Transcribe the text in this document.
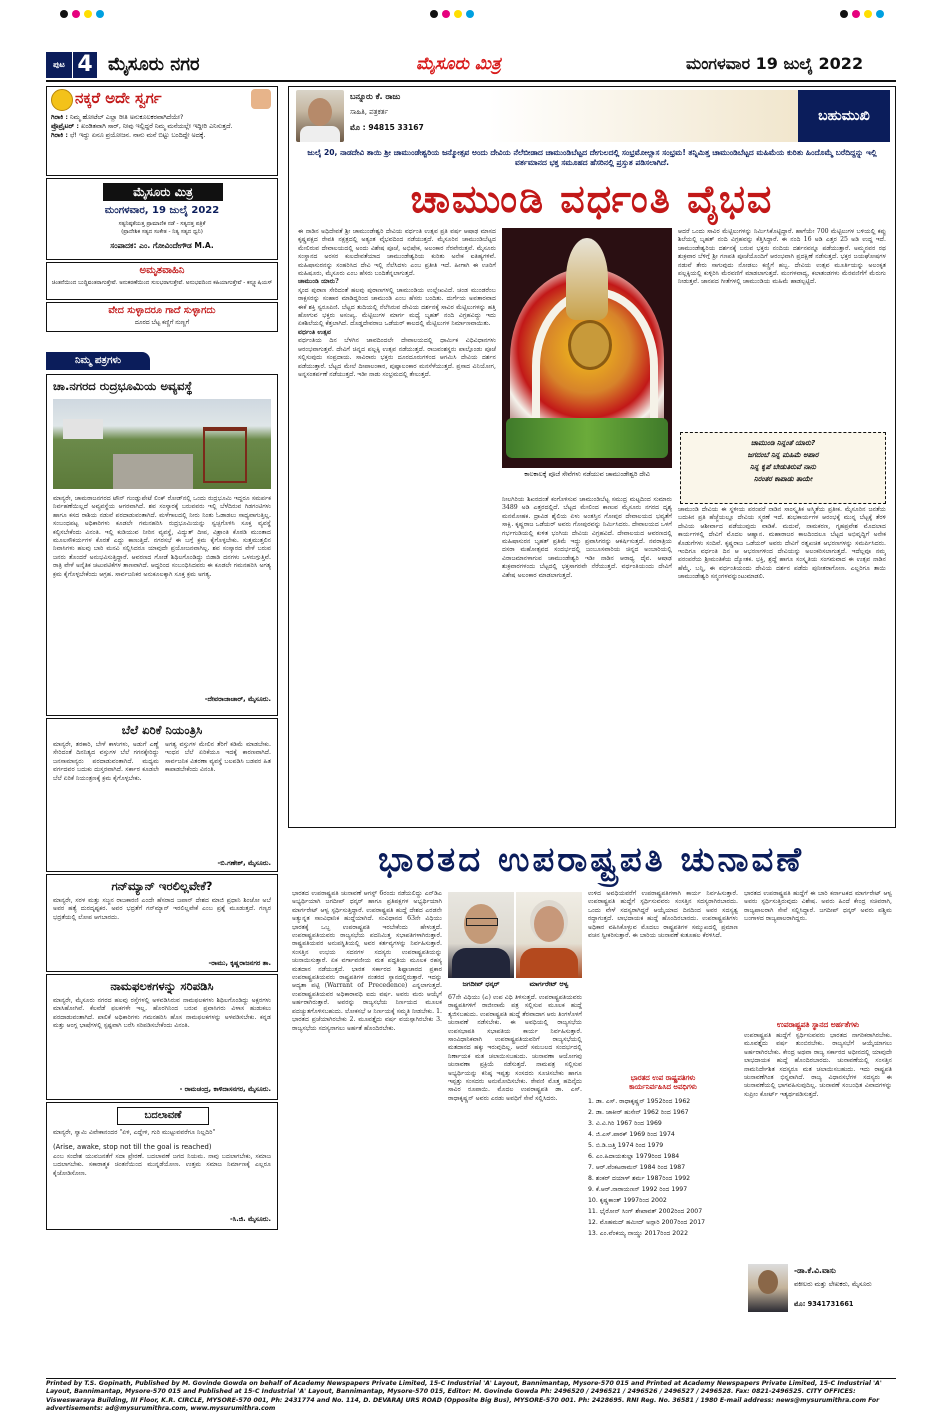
ಪುಟ 4 ಮೈಸೂರು ನಗರ	ಮೈಸೂರು ಮಿತ್ರ	ಮಂಗಳವಾರ 19 ಜುಲೈ 2022
ನಕ್ಕರೆ ಅದೇ ಸ್ವರ್ಗ
ಗಿರಾಕಿ : ನಿಮ್ಮ ಹೋಟೆಲ್ ಎಲ್ಲಾ ರೀತಿ ಅನುಕೂಲಕರವಾಗಿದೆಯೇ?
ಪ್ರೊಪ್ರೈಟರ್ : ಖಂಡಿತವಾಗಿ ಸಾರ್, ನೀವು ಇಲ್ಲಿದ್ದರೆ ನಿಮ್ಮ ಮನೆಯಲ್ಲೇ ಇದ್ದೀರಿ ಎನಿಸುತ್ತದೆ.
ಗಿರಾಕಿ : ಛೆ! ಇದ್ದು ಏನೂ ಪ್ರಯೋಜನ. ನಾನು ಮನೆ ಬಿಟ್ಟು ಬಂದಿದ್ದೇ ಅದಕ್ಕೆ.
ಮೈಸೂರು ಮಿತ್ರ
ಮಂಗಳವಾರ, 19 ಜುಲೈ 2022
ಸತ್ಯನಿಷ್ಠತೆಯತ್ತ ಪ್ರಾಮಾಣಿಕ ನಡೆ - ಸತ್ಯದತ್ತ ಪತ್ರಿಕೆ
(ಪ್ರಾದೇಶಿಕ ಸತ್ಯದ ಸಂಕೇತ - ನಿತ್ಯ ಸತ್ಯದ ಧ್ವನಿ)
ಸಂಪಾದಕ: ಎಂ. ಗೋವಿಂದೇಗೌಡ M.A.
ಅಮೃತವಾಹಿನಿ
ಚಿಂತನೆಯಿಂದ ಬುದ್ಧಿವಂತರಾಗುತ್ತೇವೆ. ಅನುಕರಣೆಯಿಂದ ಸುಲಭರಾಗುತ್ತೇವೆ. ಅನುಭವದಿಂದ ಕಹಿಯಾಗುತ್ತೇವೆ - ಕನ್ಫ್ಯೂಷಿಯಸ್
ವೇದ ಸುಳ್ಳಾದರೂ ಗಾದೆ ಸುಳ್ಳಾಗದು
ದೂರದ ಬೆಟ್ಟ ಕಣ್ಣಿಗೆ ನುಣ್ಣಗೆ
ನಿಮ್ಮ ಪತ್ರಗಳು
ಚಾ.ನಗರದ ರುದ್ರಭೂಮಿಯ ಅವ್ಯವಸ್ಥೆ
ಮಾನ್ಯರೇ, ಚಾಮರಾಜನಗರದ ಟೌನ್ ಗುಂಡ್ಲುಪೇಟೆ ಲಿಂಕ್ ರೋಡ್‌ನಲ್ಲಿ ಒಂದು ರುದ್ರಭೂಮಿ ಇದ್ದರೂ ಸಮರ್ಪಕ ನಿರ್ವಹಣೆಯಿಲ್ಲದೆ ಅವ್ಯವಸ್ಥೆಯ ಆಗರವಾಗಿದೆ. ಶವ ಸಂಸ್ಕಾರಕ್ಕೆ ಬರುವವರು ಇಲ್ಲಿ ಬೆಳೆದಿರುವ ಗಿಡಗಂಟಿಗಳು ಹಾಗೂ ಕಸದ ರಾಶಿಯ ನಡುವೆ ಪರದಾಡುವಂತಾಗಿದೆ. ಮಳೆಗಾಲದಲ್ಲಿ ನೀರು ನಿಂತು ಓಡಾಡಲು ಸಾಧ್ಯವಾಗುತ್ತಿಲ್ಲ. ಸಂಬಂಧಪಟ್ಟ ಅಧಿಕಾರಿಗಳು ಕೂಡಲೇ ಗಮನಹರಿಸಿ ರುದ್ರಭೂಮಿಯನ್ನು ಸ್ವಚ್ಛಗೊಳಿಸಿ ಸೂಕ್ತ ವ್ಯವಸ್ಥೆ ಕಲ್ಪಿಸಬೇಕೆಂದು ವಿನಂತಿ. ಇಲ್ಲಿ ಕುಡಿಯುವ ನೀರಿನ ವ್ಯವಸ್ಥೆ, ವಿದ್ಯುತ್ ದೀಪ, ವಿಶ್ರಾಂತಿ ಕೊಠಡಿ ಮುಂತಾದ ಮೂಲಸೌಕರ್ಯಗಳ ಕೊರತೆ ಎದ್ದು ಕಾಣುತ್ತಿದೆ. ನಗರಸಭೆ ಈ ಬಗ್ಗೆ ಕ್ರಮ ಕೈಗೊಳ್ಳಬೇಕು. ಸುತ್ತಮುತ್ತಲಿನ ನಿವಾಸಿಗಳು ಹಲವು ಬಾರಿ ಮನವಿ ಸಲ್ಲಿಸಿದರೂ ಯಾವುದೇ ಪ್ರಯೋಜನವಾಗಿಲ್ಲ. ಶವ ಸಂಸ್ಕಾರದ ವೇಳೆ ಬರುವ ಜನರು ತೊಂದರೆ ಅನುಭವಿಸುತ್ತಿದ್ದಾರೆ. ಆವರಣದ ಗೋಡೆ ಶಿಥಿಲಗೊಂಡಿದ್ದು ಬಿಡಾಡಿ ದನಗಳು ಒಳನುಗ್ಗುತ್ತಿವೆ. ರಾತ್ರಿ ವೇಳೆ ಅನೈತಿಕ ಚಟುವಟಿಕೆಗಳ ತಾಣವಾಗಿದೆ. ಆದ್ದರಿಂದ ಸಂಬಂಧಿಸಿದವರು ಈ ಕೂಡಲೇ ಗಮನಹರಿಸಿ ಅಗತ್ಯ ಕ್ರಮ ಕೈಗೊಳ್ಳಬೇಕೆಂದು ಆಗ್ರಹ. ಸಾರ್ವಜನಿಕರ ಅನುಕೂಲಕ್ಕಾಗಿ ಸೂಕ್ತ ಕ್ರಮ ಅಗತ್ಯ.
-ದೇವರಾಜಾಚಾರ್, ಮೈಸೂರು.
ಬೆಲೆ ಏರಿಕೆ ನಿಯಂತ್ರಿಸಿ
ಮಾನ್ಯರೇ, ತರಕಾರಿ, ಬೇಳೆ ಕಾಳುಗಳು, ಅಡುಗೆ ಎಣ್ಣೆ ಸೇರಿದಂತೆ ದಿನನಿತ್ಯದ ವಸ್ತುಗಳ ಬೆಲೆ ಗಗನಕ್ಕೇರಿದ್ದು ಜನಸಾಮಾನ್ಯರು ಪರದಾಡುವಂತಾಗಿದೆ. ಮಧ್ಯಮ ವರ್ಗದವರ ಬದುಕು ದುಸ್ತರವಾಗಿದೆ. ಸರ್ಕಾರ ಕೂಡಲೇ ಬೆಲೆ ಏರಿಕೆ ನಿಯಂತ್ರಣಕ್ಕೆ ಕ್ರಮ ಕೈಗೊಳ್ಳಬೇಕು.
ಅಗತ್ಯ ವಸ್ತುಗಳ ಮೇಲಿನ ತೆರಿಗೆ ಕಡಿಮೆ ಮಾಡಬೇಕು. ಇಂಧನ ಬೆಲೆ ಏರಿಕೆಯೂ ಇದಕ್ಕೆ ಕಾರಣವಾಗಿದೆ. ಸಾರ್ವಜನಿಕ ವಿತರಣಾ ವ್ಯವಸ್ಥೆ ಬಲಪಡಿಸಿ ಬಡವರ ಹಿತ ಕಾಪಾಡಬೇಕೆಂದು ವಿನಂತಿ.
-ಬಿ.ಗಣೇಶ್, ಮೈಸೂರು.
ಗನ್‌ಮ್ಯಾನ್ ಇರಲಿಲ್ಲವೇಕೆ?
ಮಾನ್ಯರೇ, ಸರಳ ಮತ್ತು ಸಜ್ಜನ ರಾಜಕಾರಣಿ ಎಂದೇ ಹೆಸರಾದ ಜಪಾನ್ ದೇಶದ ಮಾಜಿ ಪ್ರಧಾನಿ ಶಿಂಜೋ ಅಬೆ ಅವರ ಹತ್ಯೆ ದುರದೃಷ್ಟಕರ. ಅವರ ಭದ್ರತೆಗೆ ಗನ್‌ಮ್ಯಾನ್ ಇರಲಿಲ್ಲವೇಕೆ ಎಂಬ ಪ್ರಶ್ನೆ ಮೂಡುತ್ತದೆ. ಗಣ್ಯರ ಭದ್ರತೆಯಲ್ಲಿ ಲೋಪ ಆಗಬಾರದು.
-ರಾಮು, ಕೃಷ್ಣರಾಜನಗರ ತಾ.
ನಾಮಫಲಕಗಳನ್ನು ಸರಿಪಡಿಸಿ
ಮಾನ್ಯರೇ, ಮೈಸೂರು ನಗರದ ಹಲವು ರಸ್ತೆಗಳಲ್ಲಿ ಅಳವಡಿಸಿರುವ ನಾಮಫಲಕಗಳು ಶಿಥಿಲಗೊಂಡಿದ್ದು ಅಕ್ಷರಗಳು ಮಾಸಿಹೋಗಿವೆ. ಕೆಲವೆಡೆ ಫಲಕಗಳೇ ಇಲ್ಲ. ಹೊರಗಿನಿಂದ ಬರುವ ಪ್ರವಾಸಿಗರು ವಿಳಾಸ ಹುಡುಕಲು ಪರದಾಡುವಂತಾಗಿದೆ. ಪಾಲಿಕೆ ಅಧಿಕಾರಿಗಳು ಗಮನಹರಿಸಿ ಹೊಸ ನಾಮಫಲಕಗಳನ್ನು ಅಳವಡಿಸಬೇಕು. ಕನ್ನಡ ಮತ್ತು ಆಂಗ್ಲ ಭಾಷೆಗಳಲ್ಲಿ ಸ್ಪಷ್ಟವಾಗಿ ಬರೆಸಿ ಸರಿಪಡಿಸಬೇಕೆಂದು ವಿನಂತಿ.
- ರಾಮಚಂದ್ರ, ಕಾಳಿದಾಸನಗರ, ಮೈಸೂರು.
ಬದಲಾವಣೆ
ಮಾನ್ಯರೇ, ಸ್ವಾಮಿ ವಿವೇಕಾನಂದರ "ಏಳಿ, ಎದ್ದೇಳಿ, ಗುರಿ ಮುಟ್ಟುವವರೆಗೂ ನಿಲ್ಲದಿರಿ"
(Arise, awake, stop not till the goal is reached)
ಎಂಬ ಸಂದೇಶ ಯುವಜನತೆಗೆ ಸದಾ ಪ್ರೇರಣೆ. ಬದಲಾವಣೆ ಜಗದ ನಿಯಮ. ನಾವು ಬದಲಾಗಬೇಕು, ಸಮಾಜ ಬದಲಾಗಬೇಕು. ಸಕಾರಾತ್ಮಕ ಚಿಂತನೆಯಿಂದ ಮುನ್ನಡೆಯೋಣ. ಉತ್ತಮ ಸಮಾಜ ನಿರ್ಮಾಣಕ್ಕೆ ಎಲ್ಲರೂ ಕೈಜೋಡಿಸೋಣ.
-ಸಿ.ಜಿ. ಮೈಸೂರು.
ಬನ್ನೂರು ಕೆ. ರಾಜು
ಸಾಹಿತಿ, ಪತ್ರಕರ್ತ
ಮೊ : 94815 33167
ಬಹುಮುಖಿ
ಜುಲೈ 20, ನಾಡದೇವಿ ತಾಯಿ ಶ್ರೀ ಚಾಮುಂಡೇಶ್ವರಿಯ ಜನ್ಮೋತ್ಸವ ಅಂದು ದೇವಿಯ ನೆಲೆಬೀಡಾದ ಚಾಮುಂಡಿಬೆಟ್ಟದ ದೇಗುಲದಲ್ಲಿ ಸಂಭ್ರಮೋಲ್ಲಾಸ ಸಂಭ್ರಮ! ತನ್ನಿಮಿತ್ತ ಚಾಮುಂಡಿಬೆಟ್ಟದ ಮಹಿಮೆಯ ಕುರಿತು ಹಿಂದೊಮ್ಮೆ ಬರೆದಿದ್ದನ್ನು ಇಲ್ಲಿ ವರ್ತಮಾನದ ಭಕ್ತ ಸಮೂಹದ ಹೆಸರಿನಲ್ಲಿ ಪ್ರಸ್ತುತ ಪಡಿಸಲಾಗಿದೆ.
ಚಾಮುಂಡಿ ವರ್ಧಂತಿ ವೈಭವ
ಈ ನಾಡಿನ ಅಧಿದೇವತೆ ಶ್ರೀ ಚಾಮುಂಡೇಶ್ವರಿ ದೇವಿಯ ವರ್ಧಂತಿ ಉತ್ಸವ ಪ್ರತಿ ವರ್ಷ ಆಷಾಢ ಮಾಸದ ಕೃಷ್ಣಪಕ್ಷದ ರೇವತಿ ನಕ್ಷತ್ರದಲ್ಲಿ ಅತ್ಯಂತ ವೈಭವದಿಂದ ನಡೆಯುತ್ತದೆ. ಮೈಸೂರಿನ ಚಾಮುಂಡಿಬೆಟ್ಟದ ಮೇಲಿರುವ ದೇವಾಲಯದಲ್ಲಿ ಅಂದು ವಿಶೇಷ ಪೂಜೆ, ಅಭಿಷೇಕ, ಅಲಂಕಾರ ನೆರವೇರುತ್ತವೆ. ಮೈಸೂರು ಸಂಸ್ಥಾನದ ಅರಸರ ಕುಲದೇವತೆಯಾದ ಚಾಮುಂಡೇಶ್ವರಿಯ ಕುರಿತು ಅನೇಕ ಐತಿಹ್ಯಗಳಿವೆ. ಮಹಿಷಾಸುರನನ್ನು ಸಂಹರಿಸಿದ ದೇವಿ ಇಲ್ಲಿ ನೆಲೆಸಿದಳು ಎಂಬ ಪ್ರತೀತಿ ಇದೆ. ಹೀಗಾಗಿ ಈ ಊರಿಗೆ ಮಹಿಷೂರು, ಮೈಸೂರು ಎಂಬ ಹೆಸರು ಬಂದಿತೆನ್ನಲಾಗುತ್ತದೆ.
ಚಾಮುಂಡಿ ಯಾರು?
ಸ್ಕಂದ ಪುರಾಣ ಸೇರಿದಂತೆ ಹಲವು ಪುರಾಣಗಳಲ್ಲಿ ಚಾಮುಂಡಿಯ ಉಲ್ಲೇಖವಿದೆ. ಚಂಡ ಮುಂಡರೆಂಬ ರಾಕ್ಷಸರನ್ನು ಸಂಹಾರ ಮಾಡಿದ್ದರಿಂದ ಚಾಮುಂಡಿ ಎಂಬ ಹೆಸರು ಬಂದಿತು. ದುರ್ಗೆಯ ಅವತಾರವಾದ ಈಕೆ ಶಕ್ತಿ ಸ್ವರೂಪಿಣಿ. ಬೆಟ್ಟದ ತುದಿಯಲ್ಲಿ ನೆಲೆಸಿರುವ ದೇವಿಯ ದರ್ಶನಕ್ಕೆ ಸಾವಿರ ಮೆಟ್ಟಿಲುಗಳನ್ನು ಹತ್ತಿ ಹೋಗುವ ಭಕ್ತರು ಅಸಂಖ್ಯ. ಮೆಟ್ಟಿಲುಗಳ ಮಾರ್ಗ ಮಧ್ಯೆ ಬೃಹತ್ ನಂದಿ ವಿಗ್ರಹವಿದ್ದು ಇದು ಏಕಶಿಲೆಯಲ್ಲಿ ಕೆತ್ತಲಾಗಿದೆ. ದೊಡ್ಡದೇವರಾಜ ಒಡೆಯರ್ ಕಾಲದಲ್ಲಿ ಮೆಟ್ಟಿಲುಗಳ ನಿರ್ಮಾಣವಾಯಿತು.
ವರ್ಧಂತಿ ಉತ್ಸವ
ವರ್ಧಂತಿಯ ದಿನ ಬೆಳಗಿನ ಜಾವದಿಂದಲೇ ದೇವಾಲಯದಲ್ಲಿ ಧಾರ್ಮಿಕ ವಿಧಿವಿಧಾನಗಳು ಆರಂಭವಾಗುತ್ತವೆ. ದೇವಿಗೆ ಚಿನ್ನದ ಪಲ್ಲಕ್ಕಿ ಉತ್ಸವ ನಡೆಯುತ್ತದೆ. ರಾಜವಂಶಸ್ಥರು ಪಾಲ್ಗೊಂಡು ಪೂಜೆ ಸಲ್ಲಿಸುವುದು ಸಂಪ್ರದಾಯ. ಸಾವಿರಾರು ಭಕ್ತರು ದೂರದೂರುಗಳಿಂದ ಆಗಮಿಸಿ ದೇವಿಯ ದರ್ಶನ ಪಡೆಯುತ್ತಾರೆ. ಬೆಟ್ಟದ ಮೇಲೆ ದೀಪಾಲಂಕಾರ, ಪುಷ್ಪಾಲಂಕಾರ ಮನಸೆಳೆಯುತ್ತದೆ. ಪ್ರಸಾದ ವಿನಿಯೋಗ, ಅನ್ನಸಂತರ್ಪಣೆ ನಡೆಯುತ್ತದೆ. ಇಡೀ ನಾಡು ಸಂಭ್ರಮದಲ್ಲಿ ತೇಲುತ್ತದೆ.
ಕಾಲಕಾಲಕ್ಕೆ ಪೂಜೆ ಸೇವೆಗಳು ನಡೆಯುವ ಚಾಮುಂಡೇಶ್ವರಿ ದೇವಿ
ನೀಲಗಿರಿಯ ಶಿಖರದಂತೆ ಕಂಗೊಳಿಸುವ ಚಾಮುಂಡಿಬೆಟ್ಟ ಸಮುದ್ರ ಮಟ್ಟದಿಂದ ಸುಮಾರು 3489 ಅಡಿ ಎತ್ತರದಲ್ಲಿದೆ. ಬೆಟ್ಟದ ಮೇಲಿಂದ ಕಾಣುವ ಮೈಸೂರು ನಗರದ ದೃಶ್ಯ ಮನಮೋಹಕ. ದ್ರಾವಿಡ ಶೈಲಿಯ ಏಳು ಅಂತಸ್ತಿನ ಗೋಪುರ ದೇವಾಲಯದ ಭವ್ಯತೆಗೆ ಸಾಕ್ಷಿ. ಕೃಷ್ಣರಾಜ ಒಡೆಯರ್ ಅವರು ಗೋಪುರವನ್ನು ನಿರ್ಮಿಸಿದರು. ದೇವಾಲಯದ ಒಳಗೆ ಗರ್ಭಗುಡಿಯಲ್ಲಿ ಕುಳಿತ ಭಂಗಿಯ ದೇವಿಯ ವಿಗ್ರಹವಿದೆ. ದೇವಾಲಯದ ಆವರಣದಲ್ಲಿ ಮಹಿಷಾಸುರನ ಬೃಹತ್ ಪ್ರತಿಮೆ ಇದ್ದು ಪ್ರವಾಸಿಗರನ್ನು ಆಕರ್ಷಿಸುತ್ತದೆ. ನವರಾತ್ರಿಯ ದಸರಾ ಮಹೋತ್ಸವದ ಸಂದರ್ಭದಲ್ಲಿ ಜಂಬೂಸವಾರಿಯ ಚಿನ್ನದ ಅಂಬಾರಿಯಲ್ಲಿ ವಿರಾಜಮಾನಳಾಗುವ ಚಾಮುಂಡೇಶ್ವರಿ ಇಡೀ ನಾಡಿನ ಆರಾಧ್ಯ ದೈವ. ಆಷಾಢ ಶುಕ್ರವಾರಗಳಂದು ಬೆಟ್ಟದಲ್ಲಿ ಭಕ್ತಸಾಗರವೇ ನೆರೆಯುತ್ತದೆ. ವರ್ಧಂತಿಯಂದು ದೇವಿಗೆ ವಿಶೇಷ ಅಲಂಕಾರ ಮಾಡಲಾಗುತ್ತದೆ.
ಆದರೆ ಒಂದು ಸಾವಿರ ಮೆಟ್ಟಿಲುಗಳನ್ನು ನಿರ್ಮಿಸಿಕೊಟ್ಟಿದ್ದಾರೆ. ಹಾಗೆಯೇ 700 ಮೆಟ್ಟಿಲುಗಳ ಬಳಿಯಲ್ಲಿ ಕಪ್ಪು ಶಿಲೆಯಲ್ಲಿ ಬೃಹತ್ ನಂದಿ ವಿಗ್ರಹವನ್ನು ಕೆತ್ತಿಸಿದ್ದಾರೆ. ಈ ನಂದಿ 16 ಅಡಿ ಎತ್ತರ 25 ಅಡಿ ಉದ್ದ ಇದೆ. ಚಾಮುಂಡೇಶ್ವರಿಯ ದರ್ಶನಕ್ಕೆ ಬರುವ ಭಕ್ತರು ನಂದಿಯ ದರ್ಶನವನ್ನೂ ಪಡೆಯುತ್ತಾರೆ. ಅಮ್ಮನವರ ರಥ ಶುಕ್ರವಾರ ಬೆಳಿಗ್ಗೆ ಶ್ರೀ ಗಣಪತಿ ಪೂಜೆಯೊಂದಿಗೆ ಆರಂಭವಾಗಿ ಪ್ರದಕ್ಷಿಣೆ ನಡೆಸುತ್ತದೆ. ಭಕ್ತರ ಜಯಘೋಷಗಳ ನಡುವೆ ತೇರು ಸಾಗುವುದು ನೋಡಲು ಕಣ್ಣಿಗೆ ಹಬ್ಬ. ದೇವಿಯ ಉತ್ಸವ ಮೂರ್ತಿಯನ್ನು ಅಲಂಕೃತ ಪಲ್ಲಕ್ಕಿಯಲ್ಲಿ ಕುಳ್ಳಿರಿಸಿ ಮೆರವಣಿಗೆ ಮಾಡಲಾಗುತ್ತದೆ. ಮಂಗಳವಾದ್ಯ, ಕಲಾತಂಡಗಳು ಮೆರವಣಿಗೆಗೆ ಮೆರುಗು ನೀಡುತ್ತವೆ. ಜಾನಪದ ಗೀತೆಗಳಲ್ಲಿ ಚಾಮುಂಡಿಯ ಮಹಿಮೆ ಹಾಡಲ್ಪಟ್ಟಿದೆ.
ಚಾಮುಂಡಿ ನಿನ್ನಂತೆ ಯಾರು?
ಜಗದಂಬೆ ನಿನ್ನ ಮಹಿಮೆ ಅಪಾರ
ನಿನ್ನ ಕೃಪೆ ಬೇಡುತಿರುವೆ ನಾನು
ನಿರಂತರ ಕಾಪಾಡು ತಾಯೇ
ಚಾಮುಂಡಿ ದೇವಿಯ ಈ ಸ್ಥಳೀಯ ಪರಂಪರೆ ನಾಡಿನ ಸಾಂಸ್ಕೃತಿಕ ಅಸ್ಮಿತೆಯ ಪ್ರತೀಕ. ಮೈಸೂರಿನ ಜನತೆಯ ಬದುಕಿನ ಪ್ರತಿ ಹೆಜ್ಜೆಯಲ್ಲೂ ದೇವಿಯ ಸ್ಮರಣೆ ಇದೆ. ಶುಭಕಾರ್ಯಗಳ ಆರಂಭಕ್ಕೆ ಮುನ್ನ ಬೆಟ್ಟಕ್ಕೆ ತೆರಳಿ ದೇವಿಯ ಆಶೀರ್ವಾದ ಪಡೆಯುವುದು ವಾಡಿಕೆ. ಮದುವೆ, ನಾಮಕರಣ, ಗೃಹಪ್ರವೇಶ ಮೊದಲಾದ ಕಾರ್ಯಗಳಲ್ಲಿ ದೇವಿಗೆ ಮೊದಲ ಆಹ್ವಾನ. ಮಹಾರಾಜರ ಕಾಲದಿಂದಲೂ ಬೆಟ್ಟದ ಅಭಿವೃದ್ಧಿಗೆ ಅನೇಕ ಕೊಡುಗೆಗಳು ಸಂದಿವೆ. ಕೃಷ್ಣರಾಜ ಒಡೆಯರ್ ಅವರು ದೇವಿಗೆ ರತ್ನಖಚಿತ ಆಭರಣಗಳನ್ನು ಸಮರ್ಪಿಸಿದರು. ಇಂದಿಗೂ ವರ್ಧಂತಿ ದಿನ ಆ ಆಭರಣಗಳಿಂದ ದೇವಿಯನ್ನು ಅಲಂಕರಿಸಲಾಗುತ್ತದೆ. ಇದೆಲ್ಲವೂ ನಮ್ಮ ಪರಂಪರೆಯ ಶ್ರೀಮಂತಿಕೆಯ ದ್ಯೋತಕ. ಭಕ್ತಿ, ಶ್ರದ್ಧೆ ಹಾಗೂ ಸಂಸ್ಕೃತಿಯ ಸಂಗಮವಾದ ಈ ಉತ್ಸವ ನಾಡಿನ ಹೆಮ್ಮೆ. ಬನ್ನಿ, ಈ ವರ್ಧಂತಿಯಂದು ದೇವಿಯ ದರ್ಶನ ಪಡೆದು ಪುನೀತರಾಗೋಣ. ಎಲ್ಲರಿಗೂ ತಾಯಿ ಚಾಮುಂಡೇಶ್ವರಿ ಸನ್ಮಂಗಳವನ್ನುಂಟುಮಾಡಲಿ.
ಭಾರತದ ಉಪರಾಷ್ಟ್ರಪತಿ ಚುನಾವಣೆ
ಭಾರತದ ಉಪರಾಷ್ಟ್ರಪತಿ ಚುನಾವಣೆ ಆಗಸ್ಟ್ 6ರಂದು ನಡೆಯಲಿದ್ದು ಎನ್‌ಡಿಎ ಅಭ್ಯರ್ಥಿಯಾಗಿ ಜಗದೀಪ್ ಧನ್ಕರ್ ಹಾಗೂ ಪ್ರತಿಪಕ್ಷಗಳ ಅಭ್ಯರ್ಥಿಯಾಗಿ ಮಾರ್ಗರೇಟ್ ಆಳ್ವ ಸ್ಪರ್ಧಿಸುತ್ತಿದ್ದಾರೆ. ಉಪರಾಷ್ಟ್ರಪತಿ ಹುದ್ದೆ ದೇಶದ ಎರಡನೇ ಅತ್ಯುನ್ನತ ಸಾಂವಿಧಾನಿಕ ಹುದ್ದೆಯಾಗಿದೆ. ಸಂವಿಧಾನದ 63ನೇ ವಿಧಿಯು ಭಾರತಕ್ಕೆ ಒಬ್ಬ ಉಪರಾಷ್ಟ್ರಪತಿ ಇರಬೇಕೆಂದು ಹೇಳುತ್ತದೆ. ಉಪರಾಷ್ಟ್ರಪತಿಯವರು ರಾಜ್ಯಸಭೆಯ ಪದನಿಮಿತ್ತ ಸಭಾಪತಿಗಳಾಗಿರುತ್ತಾರೆ. ರಾಷ್ಟ್ರಪತಿಯವರ ಅನುಪಸ್ಥಿತಿಯಲ್ಲಿ ಅವರ ಕರ್ತವ್ಯಗಳನ್ನು ನಿರ್ವಹಿಸುತ್ತಾರೆ. ಸಂಸತ್ತಿನ ಉಭಯ ಸದನಗಳ ಸದಸ್ಯರು ಉಪರಾಷ್ಟ್ರಪತಿಯನ್ನು ಚುನಾಯಿಸುತ್ತಾರೆ. ಏಕ ವರ್ಗಾವಣೀಯ ಮತ ಪದ್ಧತಿಯ ಮೂಲಕ ರಹಸ್ಯ ಮತದಾನ ನಡೆಯುತ್ತದೆ. ಭಾರತ ಸರ್ಕಾರದ ಶಿಷ್ಟಾಚಾರದ ಪ್ರಕಾರ ಉಪರಾಷ್ಟ್ರಪತಿಯವರು ರಾಷ್ಟ್ರಪತಿಗಳ ನಂತರದ ಸ್ಥಾನದಲ್ಲಿರುತ್ತಾರೆ. ಇದನ್ನು ಆದ್ಯತಾ ಪಟ್ಟಿ (Warrant of Precedence) ಎನ್ನಲಾಗುತ್ತದೆ. ಉಪರಾಷ್ಟ್ರಪತಿಯವರ ಅಧಿಕಾರಾವಧಿ ಐದು ವರ್ಷ. ಅವರು ಮರು ಆಯ್ಕೆಗೆ ಅರ್ಹರಾಗಿರುತ್ತಾರೆ. ಅವರನ್ನು ರಾಜ್ಯಸಭೆಯ ನಿರ್ಣಯದ ಮೂಲಕ ಪದಚ್ಯುತಗೊಳಿಸಬಹುದು. ಲೋಕಸಭೆ ಆ ನಿರ್ಣಯಕ್ಕೆ ಸಮ್ಮತಿ ನೀಡಬೇಕು. 1. ಭಾರತದ ಪ್ರಜೆಯಾಗಿರಬೇಕು 2. ಮೂವತ್ತೈದು ವರ್ಷ ವಯಸ್ಸಾಗಿರಬೇಕು 3. ರಾಜ್ಯಸಭೆಯ ಸದಸ್ಯನಾಗಲು ಅರ್ಹತೆ ಹೊಂದಿರಬೇಕು.
ಜಗದೀಪ್ ಧನ್ಕರ್	ಮಾರ್ಗರೇಟ್ ಆಳ್ವ
67ನೇ ವಿಧಿಯು (ಎ) ಉಪ ವಿಧಿ ತಿಳಿಸುತ್ತದೆ. ಉಪರಾಷ್ಟ್ರಪತಿಯವರು ರಾಷ್ಟ್ರಪತಿಗಳಿಗೆ ರಾಜೀನಾಮೆ ಪತ್ರ ಸಲ್ಲಿಸುವ ಮೂಲಕ ಹುದ್ದೆ ತ್ಯಜಿಸಬಹುದು. ಉಪರಾಷ್ಟ್ರಪತಿ ಹುದ್ದೆ ತೆರವಾದಾಗ ಆರು ತಿಂಗಳೊಳಗೆ ಚುನಾವಣೆ ನಡೆಸಬೇಕು. ಈ ಅವಧಿಯಲ್ಲಿ ರಾಜ್ಯಸಭೆಯ ಉಪಸಭಾಪತಿ ಸಭಾಪತಿಯ ಕಾರ್ಯ ನಿರ್ವಹಿಸುತ್ತಾರೆ. ಸಾಂವಿಧಾನಿಕವಾಗಿ ಉಪರಾಷ್ಟ್ರಪತಿಯವರಿಗೆ ರಾಜ್ಯಸಭೆಯಲ್ಲಿ ಮತದಾನದ ಹಕ್ಕು ಇರುವುದಿಲ್ಲ. ಆದರೆ ಸಮಬಲದ ಸಂದರ್ಭದಲ್ಲಿ ನಿರ್ಣಾಯಕ ಮತ ಚಲಾಯಿಸಬಹುದು. ಚುನಾವಣಾ ಆಯೋಗವು ಚುನಾವಣಾ ಪ್ರಕ್ರಿಯೆ ನಡೆಸುತ್ತದೆ. ನಾಮಪತ್ರ ಸಲ್ಲಿಸುವ ಅಭ್ಯರ್ಥಿಯನ್ನು ಕನಿಷ್ಠ ಇಪ್ಪತ್ತು ಸಂಸದರು ಸೂಚಿಸಬೇಕು ಹಾಗೂ ಇಪ್ಪತ್ತು ಸಂಸದರು ಅನುಮೋದಿಸಬೇಕು. ಠೇವಣಿ ಮೊತ್ತ ಹದಿನೈದು ಸಾವಿರ ರೂಪಾಯಿ. ಮೊದಲ ಉಪರಾಷ್ಟ್ರಪತಿ ಡಾ. ಎಸ್. ರಾಧಾಕೃಷ್ಣನ್ ಅವರು ಎರಡು ಅವಧಿಗೆ ಸೇವೆ ಸಲ್ಲಿಸಿದರು.
ಉಳಿದ ಅವಧಿಯವರೆಗೆ ಉಪರಾಷ್ಟ್ರಪತಿಗಳಾಗಿ ಕಾರ್ಯ ನಿರ್ವಹಿಸುತ್ತಾರೆ. ಉಪರಾಷ್ಟ್ರಪತಿ ಹುದ್ದೆಗೆ ಸ್ಪರ್ಧಿಸುವವರು ಸಂಸತ್ತಿನ ಸದಸ್ಯರಾಗಿರಬಾರದು. ಒಂದು ವೇಳೆ ಸದಸ್ಯರಾಗಿದ್ದರೆ ಆಯ್ಕೆಯಾದ ದಿನದಿಂದ ಅವರ ಸದಸ್ಯತ್ವ ರದ್ದಾಗುತ್ತದೆ. ಲಾಭದಾಯಕ ಹುದ್ದೆ ಹೊಂದಿರಬಾರದು. ಉಪರಾಷ್ಟ್ರಪತಿಗಳು ಅಧಿಕಾರ ವಹಿಸಿಕೊಳ್ಳುವ ಮೊದಲು ರಾಷ್ಟ್ರಪತಿಗಳ ಸಮ್ಮುಖದಲ್ಲಿ ಪ್ರಮಾಣ ವಚನ ಸ್ವೀಕರಿಸುತ್ತಾರೆ. ಈ ಬಾರಿಯ ಚುನಾವಣೆ ಕುತೂಹಲ ಕೆರಳಿಸಿದೆ.
ಭಾರತದ ಉಪ ರಾಷ್ಟ್ರಪತಿಗಳು
ಕಾರ್ಯನಿರ್ವಹಿಸಿದ ಅವಧಿಗಳು
1. ಡಾ. ಎಸ್. ರಾಧಾಕೃಷ್ಣನ್ 1952ರಿಂದ 1962
2. ಡಾ. ಜಾಕೀರ್ ಹುಸೇನ್ 1962 ರಿಂದ 1967
3. ವಿ.ವಿ.ಗಿರಿ 1967 ರಿಂದ 1969
4. ಜಿ.ಎಸ್.ಪಾಠಕ್ 1969 ರಿಂದ 1974
5. ಬಿ.ಡಿ.ಜತ್ತಿ 1974 ರಿಂದ 1979
6. ಎಂ.ಹಿದಾಯತುಲ್ಲಾ 1979ರಿಂದ 1984
7. ಆರ್.ವೆಂಕಟರಾಮನ್ 1984 ರಿಂದ 1987
8. ಶಂಕರ್ ದಯಾಳ್ ಶರ್ಮ 1987ರಿಂದ 1992
9. ಕೆ.ಆರ್.ನಾರಾಯಣನ್ 1992 ರಿಂದ 1997
10. ಕೃಷ್ಣಕಾಂತ್ 1997ರಿಂದ 2002
11. ಭೈರೋನ್ ಸಿಂಗ್ ಶೇಖಾವತ್ 2002ರಿಂದ 2007
12. ಮೊಹಮದ್ ಹಮೀದ್ ಅನ್ಸಾರಿ 2007ರಿಂದ 2017
13. ಎಂ.ವೆಂಕಯ್ಯ ನಾಯ್ಡು 2017ರಿಂದ 2022
ಭಾರತದ ಉಪರಾಷ್ಟ್ರಪತಿ ಹುದ್ದೆಗೆ ಈ ಬಾರಿ ಕರ್ನಾಟಕದ ಮಾರ್ಗರೇಟ್ ಆಳ್ವ ಅವರು ಸ್ಪರ್ಧಿಸುತ್ತಿರುವುದು ವಿಶೇಷ. ಅವರು ಹಿಂದೆ ಕೇಂದ್ರ ಸಚಿವರಾಗಿ, ರಾಜ್ಯಪಾಲರಾಗಿ ಸೇವೆ ಸಲ್ಲಿಸಿದ್ದಾರೆ. ಜಗದೀಪ್ ಧನ್ಕರ್ ಅವರು ಪಶ್ಚಿಮ ಬಂಗಾಳದ ರಾಜ್ಯಪಾಲರಾಗಿದ್ದರು.
ಉಪರಾಷ್ಟ್ರಪತಿ ಸ್ಥಾನದ ಅರ್ಹತೆಗಳು
ಉಪರಾಷ್ಟ್ರಪತಿ ಹುದ್ದೆಗೆ ಸ್ಪರ್ಧಿಸುವವರು ಭಾರತದ ನಾಗರಿಕರಾಗಿರಬೇಕು. ಮೂವತ್ತೈದು ವರ್ಷ ತುಂಬಿರಬೇಕು. ರಾಜ್ಯಸಭೆಗೆ ಆಯ್ಕೆಯಾಗಲು ಅರ್ಹರಾಗಿರಬೇಕು. ಕೇಂದ್ರ ಅಥವಾ ರಾಜ್ಯ ಸರ್ಕಾರದ ಅಧೀನದಲ್ಲಿ ಯಾವುದೇ ಲಾಭದಾಯಕ ಹುದ್ದೆ ಹೊಂದಿರಬಾರದು. ಚುನಾವಣೆಯಲ್ಲಿ ಸಂಸತ್ತಿನ ನಾಮನಿರ್ದೇಶಿತ ಸದಸ್ಯರೂ ಮತ ಚಲಾಯಿಸಬಹುದು. ಇದು ರಾಷ್ಟ್ರಪತಿ ಚುನಾವಣೆಗಿಂತ ಭಿನ್ನವಾಗಿದೆ. ರಾಜ್ಯ ವಿಧಾನಸಭೆಗಳ ಸದಸ್ಯರು ಈ ಚುನಾವಣೆಯಲ್ಲಿ ಭಾಗವಹಿಸುವುದಿಲ್ಲ. ಚುನಾವಣೆ ಸಂಬಂಧಿತ ವಿವಾದಗಳನ್ನು ಸುಪ್ರೀಂ ಕೋರ್ಟ್ ಇತ್ಯರ್ಥಪಡಿಸುತ್ತದೆ.
-ಡಾ.ಕೆ.ವಿ.ವಾಸು
ವಕೀಲರು ಮತ್ತು ಲೇಖಕರು, ಮೈಸೂರು
ಮೊ: 9341731661
Printed by T.S. Gopinath, Published by M. Govinde Gowda on behalf of Academy Newspapers Private Limited, 15-C Industrial 'A' Layout, Bannimantap, Mysore-570 015 and Printed at Academy Newspapers Private Limited, 15-C Industrial 'A' Layout, Bannimantap, Mysore-570 015 and Published at 15-C Industrial 'A' Layout, Bannimantap, Mysore-570 015, Editor: M. Govinde Gowda Ph: 2496520 / 2496521 / 2496526 / 2496527 / 2496528. Fax: 0821-2496525. CITY OFFICES: Visweswaraya Building, III Floor, K.R. CIRCLE, MYSORE-570 001, Ph: 2431774 and No. 114, D. DEVARAJ URS ROAD (Opposite Big Bus), MYSORE-570 001. Ph: 2428695. RNI Reg. No. 36581 / 1980 E-mail address: news@mysurumithra.com For advertisements: ad@mysurumithra.com, www.mysurumithra.com
